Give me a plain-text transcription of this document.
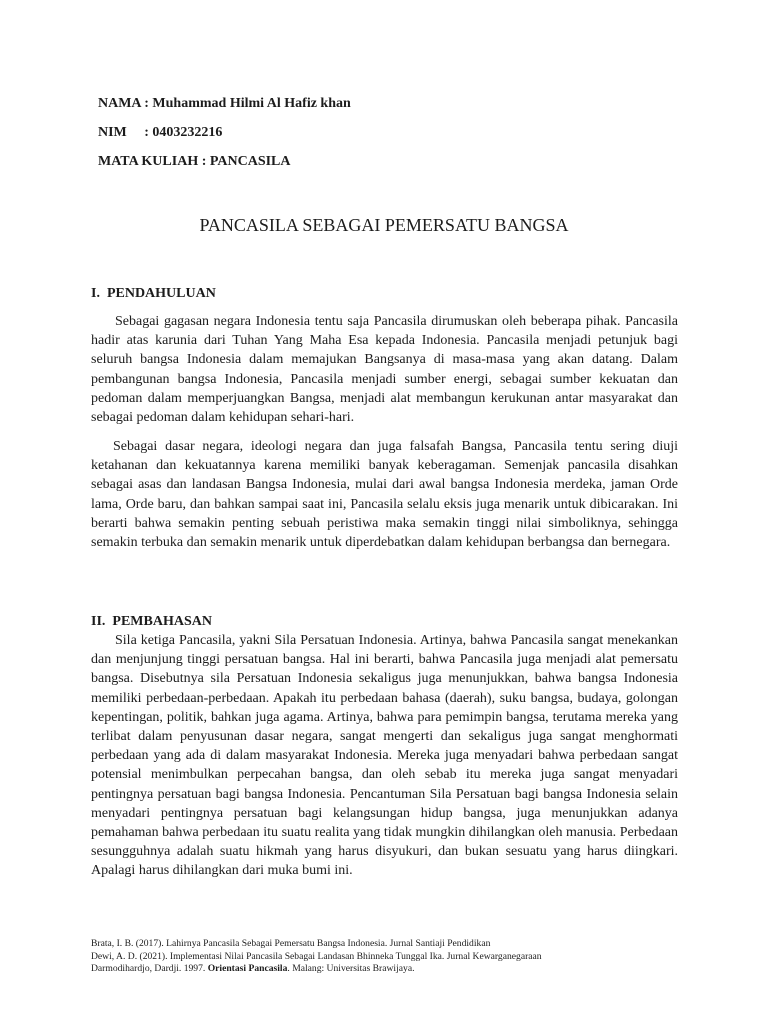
NAMA : Muhammad Hilmi Al Hafiz khan
NIM     : 0403232216
MATA KULIAH : PANCASILA
PANCASILA SEBAGAI PEMERSATU BANGSA
I.  PENDAHULUAN

Sebagai gagasan negara Indonesia tentu saja Pancasila dirumuskan oleh beberapa pihak. Pancasila hadir atas karunia dari Tuhan Yang Maha Esa kepada Indonesia. Pancasila menjadi petunjuk bagi seluruh bangsa Indonesia dalam memajukan Bangsanya di masa-masa yang akan datang. Dalam pembangunan bangsa Indonesia, Pancasila menjadi sumber energi, sebagai sumber kekuatan dan pedoman dalam memperjuangkan Bangsa, menjadi alat membangun kerukunan antar masyarakat dan sebagai pedoman dalam kehidupan sehari-hari.

Sebagai dasar negara, ideologi negara dan juga falsafah Bangsa, Pancasila tentu sering diuji ketahanan dan kekuatannya karena memiliki banyak keberagaman. Semenjak pancasila disahkan sebagai asas dan landasan Bangsa Indonesia, mulai dari awal bangsa Indonesia merdeka, jaman Orde lama, Orde baru, dan bahkan sampai saat ini, Pancasila selalu eksis juga menarik untuk dibicarakan. Ini berarti bahwa semakin penting sebuah peristiwa maka semakin tinggi nilai simboliknya, sehingga semakin terbuka dan semakin menarik untuk diperdebatkan dalam kehidupan berbangsa dan bernegara.

II.  PEMBAHASAN

Sila ketiga Pancasila, yakni Sila Persatuan Indonesia. Artinya, bahwa Pancasila sangat menekankan dan menjunjung tinggi persatuan bangsa. Hal ini berarti, bahwa Pancasila juga menjadi alat pemersatu bangsa. Disebutnya sila Persatuan Indonesia sekaligus juga menunjukkan, bahwa bangsa Indonesia memiliki perbedaan-perbedaan. Apakah itu perbedaan bahasa (daerah), suku bangsa, budaya, golongan kepentingan, politik, bahkan juga agama. Artinya, bahwa para pemimpin bangsa, terutama mereka yang terlibat dalam penyusunan dasar negara, sangat mengerti dan sekaligus juga sangat menghormati perbedaan yang ada di dalam masyarakat Indonesia. Mereka juga menyadari bahwa perbedaan sangat potensial menimbulkan perpecahan bangsa, dan oleh sebab itu mereka juga sangat menyadari pentingnya persatuan bagi bangsa Indonesia. Pencantuman Sila Persatuan bagi bangsa Indonesia selain menyadari pentingnya persatuan bagi kelangsungan hidup bangsa, juga menunjukkan adanya pemahaman bahwa perbedaan itu suatu realita yang tidak mungkin dihilangkan oleh manusia. Perbedaan sesungguhnya adalah suatu hikmah yang harus disyukuri, dan bukan sesuatu yang harus diingkari. Apalagi harus dihilangkan dari muka bumi ini.

Brata, I. B. (2017). Lahirnya Pancasila Sebagai Pemersatu Bangsa Indonesia. Jurnal Santiaji Pendidikan
Dewi, A. D. (2021). Implementasi Nilai Pancasila Sebagai Landasan Bhinneka Tunggal Ika. Jurnal Kewarganegaraan
Darmodihardjo, Dardji. 1997. Orientasi Pancasila. Malang: Universitas Brawijaya.
